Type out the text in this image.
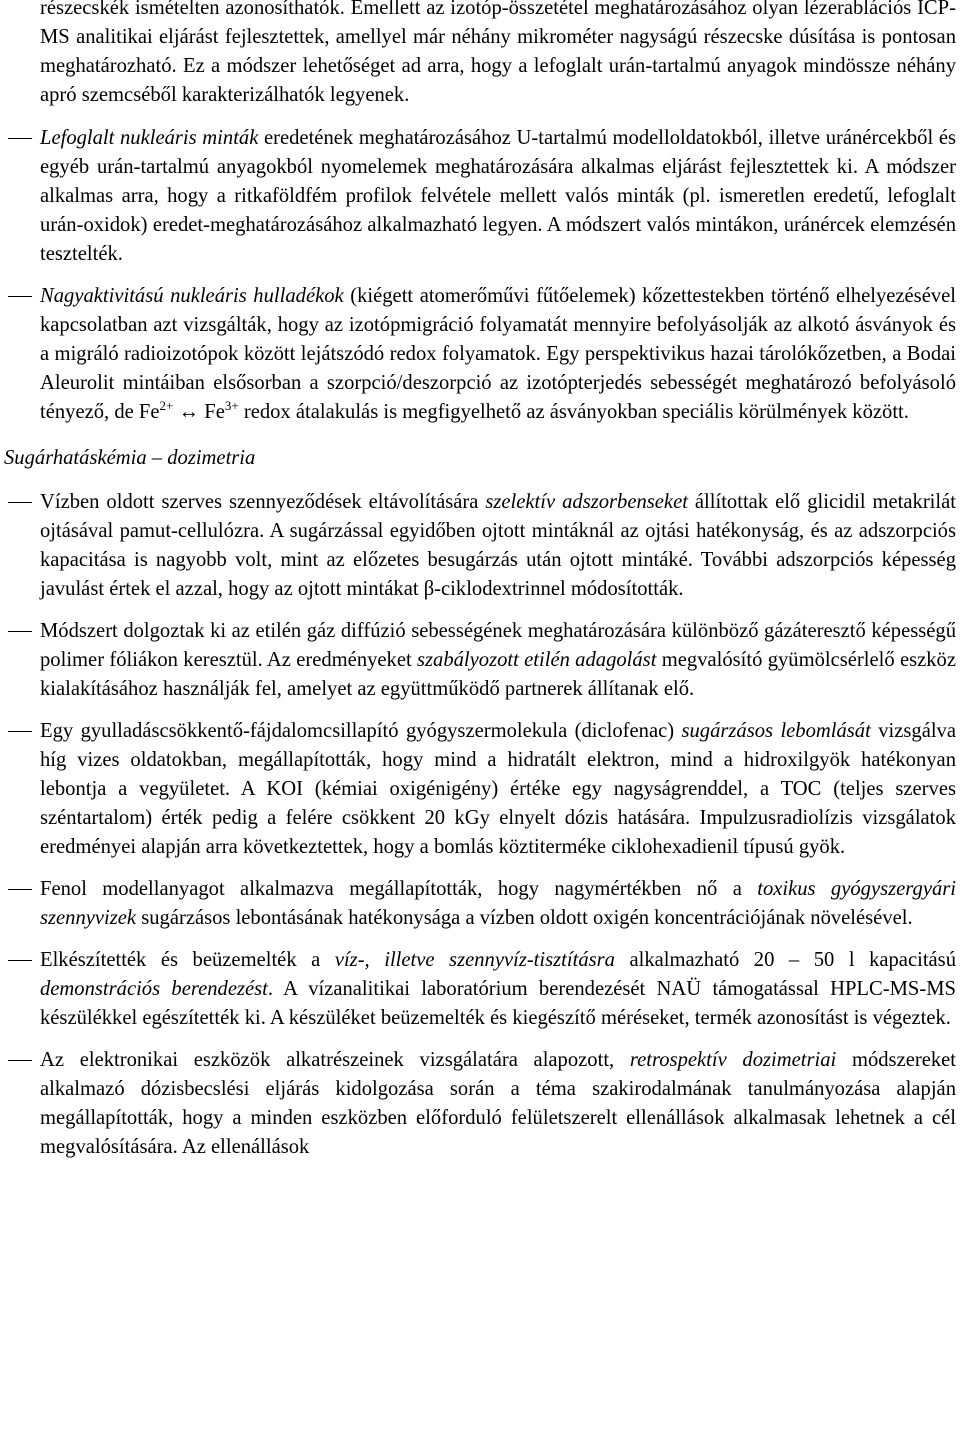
részecskék ismételten azonosíthatók. Emellett az izotóp-összetétel meghatározásához olyan lézerablációs ICP-MS analitikai eljárást fejlesztettek, amellyel már néhány mikrométer nagyságú részecske dúsítása is pontosan meghatározható. Ez a módszer lehetőséget ad arra, hogy a lefoglalt urán-tartalmú anyagok mindössze néhány apró szemcséből karakterizálhatók legyenek.

Lefoglalt nukleáris minták eredetének meghatározásához U-tartalmú modelloldatokból, illetve uránércekből és egyéb urán-tartalmú anyagokból nyomelemek meghatározására alkalmas eljárást fejlesztettek ki. A módszer alkalmas arra, hogy a ritkaföldfém profilok felvétele mellett valós minták (pl. ismeretlen eredetű, lefoglalt urán-oxidok) eredet-meghatározásához alkalmazható legyen. A módszert valós mintákon, uránércek elemzésén tesztelték.
Nagyaktivitású nukleáris hulladékok (kiégett atomerőművi fűtőelemek) kőzettestekben történő elhelyezésével kapcsolatban azt vizsgálták, hogy az izotópmigráció folyamatát mennyire befolyásolják az alkotó ásványok és a migráló radioizotópok között lejátszódó redox folyamatok. Egy perspektivikus hazai tárolókőzetben, a Bodai Aleurolit mintáiban elsősorban a szorpció/deszorpció az izotópterjedés sebességét meghatározó befolyásoló tényező, de $Fe^{2+}$ ↔ $Fe^{3+}$ redox átalakulás is megfigyelhető az ásványokban speciális körülmények között.

Sugárhatáskémia – dozimetria

Vízben oldott szerves szennyeződések eltávolítására szelektív adszorbenseket állítottak elő glicidil metakrilát ojtásával pamut-cellulózra. A sugárzással egyidőben ojtott mintáknál az ojtási hatékonyság, és az adszorpciós kapacitása is nagyobb volt, mint az előzetes besugárzás után ojtott mintáké. További adszorpciós képesség javulást értek el azzal, hogy az ojtott mintákat β-ciklodextrinnel módosították.
Módszert dolgoztak ki az etilén gáz diffúzió sebességének meghatározására különböző gázáteresztő képességű polimer fóliákon keresztül. Az eredményeket szabályozott etilén adagolást megvalósító gyümölcsérlelő eszköz kialakításához használják fel, amelyet az együttműködő partnerek állítanak elő.
Egy gyulladáscsökkentő-fájdalomcsillapító gyógyszermolekula (diclofenac) sugárzásos lebomlását vizsgálva híg vizes oldatokban, megállapították, hogy mind a hidratált elektron, mind a hidroxilgyök hatékonyan lebontja a vegyületet. A KOI (kémiai oxigénigény) értéke egy nagyságrenddel, a TOC (teljes szerves széntartalom) érték pedig a felére csökkent 20 kGy elnyelt dózis hatására. Impulzusradiolízis vizsgálatok eredményei alapján arra következtettek, hogy a bomlás köztiterméke ciklohexadienil típusú gyök.
Fenol modellanyagot alkalmazva megállapították, hogy nagymértékben nő a toxikus gyógyszergyári szennyvizek sugárzásos lebontásának hatékonysága a vízben oldott oxigén koncentrációjának növelésével.
Elkészítették és beüzemelték a víz-, illetve szennyvíz-tisztításra alkalmazható 20 – 50 l kapacitású demonstrációs berendezést. A vízanalitikai laboratórium berendezését NAÜ támogatással HPLC-MS-MS készülékkel egészítették ki. A készüléket beüzemelték és kiegészítő méréseket, termék azonosítást is végeztek.
Az elektronikai eszközök alkatrészeinek vizsgálatára alapozott, retrospektív dozimetriai módszereket alkalmazó dózisbecslési eljárás kidolgozása során a téma szakirodalmának tanulmányozása alapján megállapították, hogy a minden eszközben előforduló felületszerelt ellenállások alkalmasak lehetnek a cél megvalósítására. Az ellenállások
